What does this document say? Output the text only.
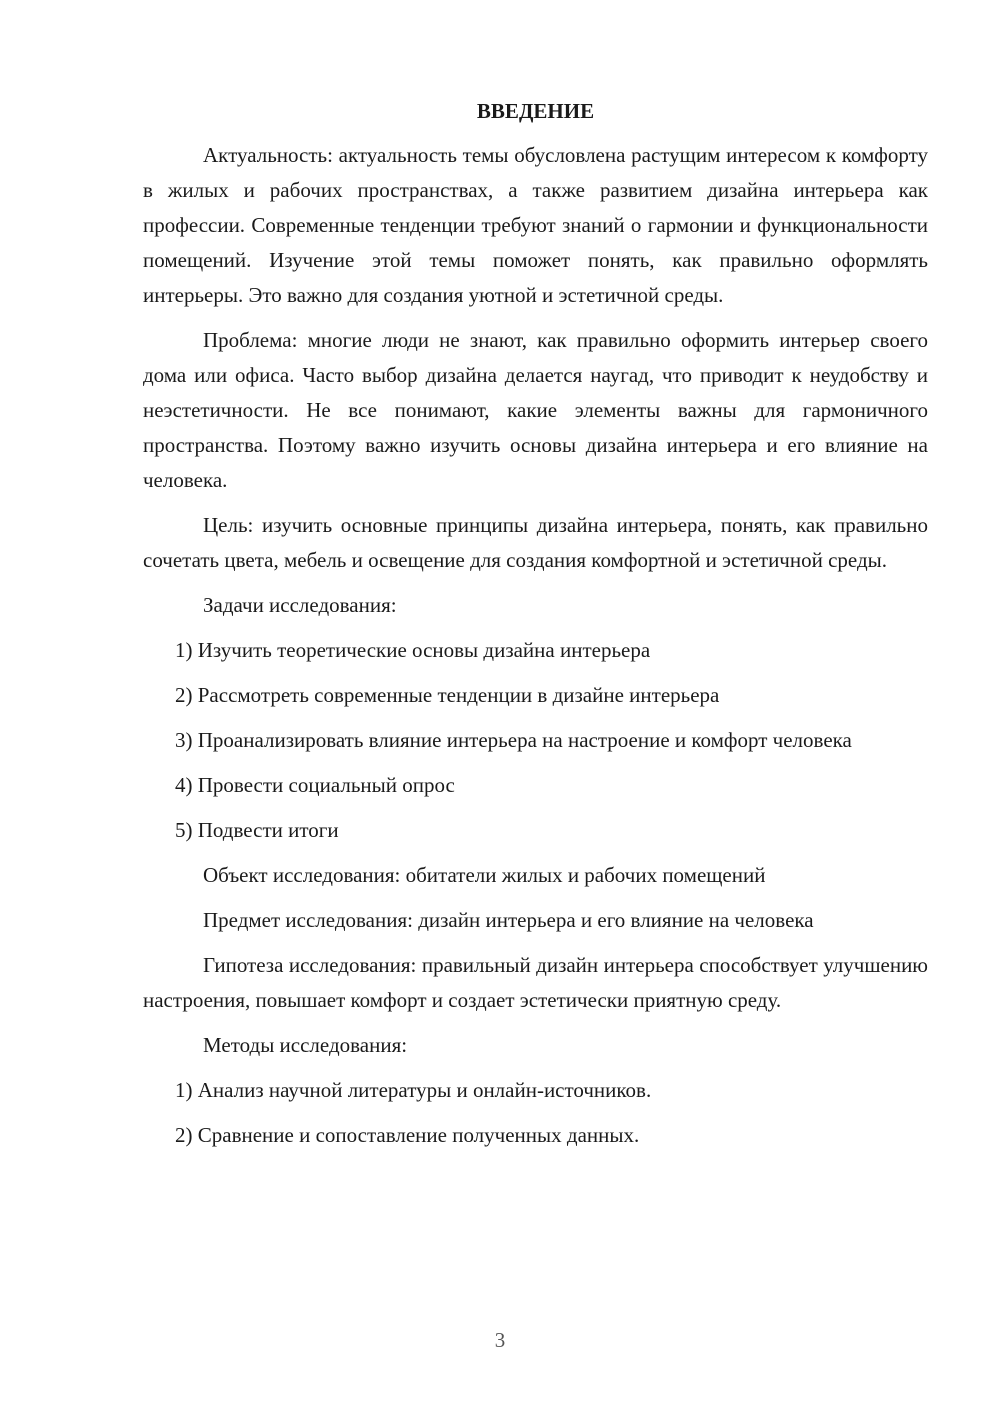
ВВЕДЕНИЕ

Актуальность: актуальность темы обусловлена растущим интересом к комфорту в жилых и рабочих пространствах, а также развитием дизайна интерьера как профессии. Современные тенденции требуют знаний о гармонии и функциональности помещений. Изучение этой темы поможет понять, как правильно оформлять интерьеры. Это важно для создания уютной и эстетичной среды.

Проблема: многие люди не знают, как правильно оформить интерьер своего дома или офиса. Часто выбор дизайна делается наугад, что приводит к неудобству и неэстетичности. Не все понимают, какие элементы важны для гармоничного пространства. Поэтому важно изучить основы дизайна интерьера и его влияние на человека.

Цель: изучить основные принципы дизайна интерьера, понять, как правильно сочетать цвета, мебель и освещение для создания комфортной и эстетичной среды.

Задачи исследования:

1) Изучить теоретические основы дизайна интерьера

2) Рассмотреть современные тенденции в дизайне интерьера

3) Проанализировать влияние интерьера на настроение и комфорт человека

4) Провести социальный опрос

5) Подвести итоги

Объект исследования: обитатели жилых и рабочих помещений

Предмет исследования: дизайн интерьера и его влияние на человека

Гипотеза исследования: правильный дизайн интерьера способствует улучшению настроения, повышает комфорт и создает эстетически приятную среду.

Методы исследования:

1) Анализ научной литературы и онлайн-источников.

2) Сравнение и сопоставление полученных данных.

3
